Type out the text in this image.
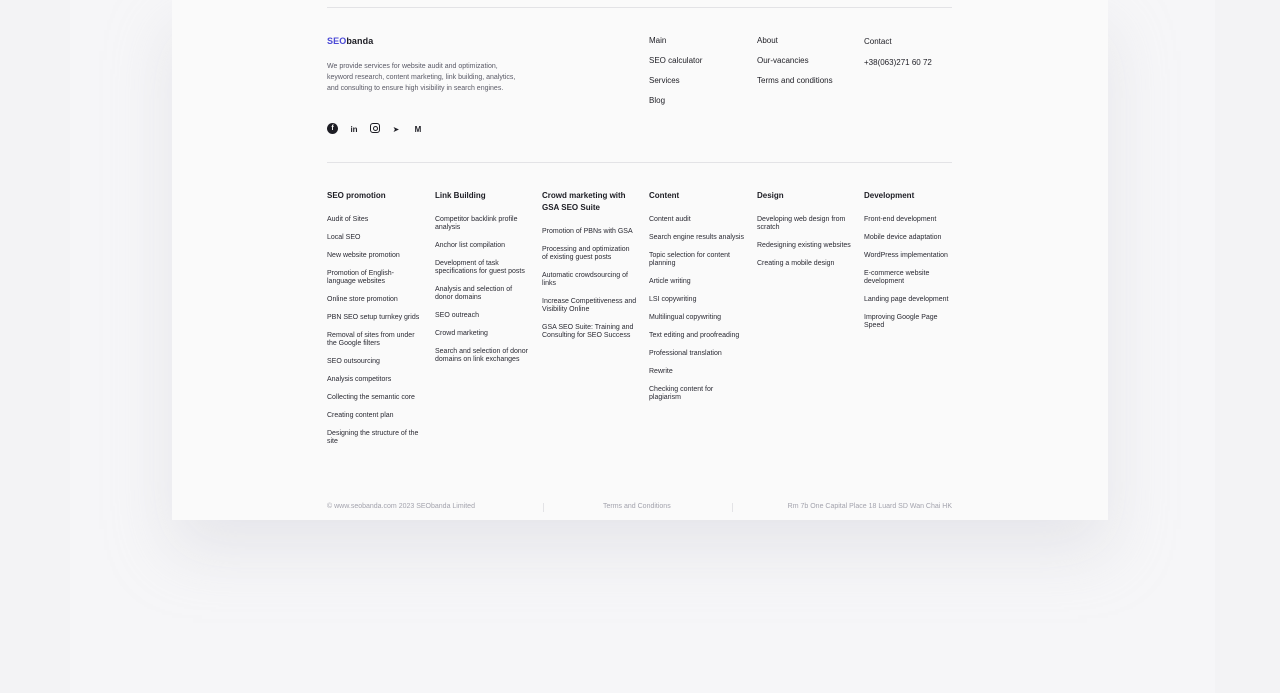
SEObanda
We provide services for website audit and optimization, keyword research, content marketing, link building, analytics, and consulting to ensure high visibility in search engines.
f	in	➤	M
Main
SEO calculator
Services
Blog
About
Our-vacancies
Terms and conditions
Contact
+38(063)271 60 72
SEO promotion
Audit of Sites
Local SEO
New website promotion
Promotion of English-language websites
Online store promotion
PBN SEO setup turnkey grids
Removal of sites from under the Google filters
SEO outsourcing
Analysis competitors
Collecting the semantic core
Creating content plan
Designing the structure of the site
Link Building
Competitor backlink profile analysis
Anchor list compilation
Development of task specifications for guest posts
Analysis and selection of donor domains
SEO outreach
Crowd marketing
Search and selection of donor domains on link exchanges
Crowd marketing with GSA SEO Suite
Promotion of PBNs with GSA
Processing and optimization of existing guest posts
Automatic crowdsourcing of links
Increase Competitiveness and Visibility Online
GSA SEO Suite: Training and Consulting for SEO Success
Content
Content audit
Search engine results analysis
Topic selection for content planning
Article writing
LSI copywriting
Multilingual copywriting
Text editing and proofreading
Professional translation
Rewrite
Checking content for plagiarism
Design
Developing web design from scratch
Redesigning existing websites
Creating a mobile design
Development
Front-end development
Mobile device adaptation
WordPress implementation
E-commerce website development
Landing page development
Improving Google Page Speed
© www.seobanda.com 2023 SEObanda Limited	Terms and Conditions	Rm 7b One Capital Place 18 Luard SD Wan Chai HK
